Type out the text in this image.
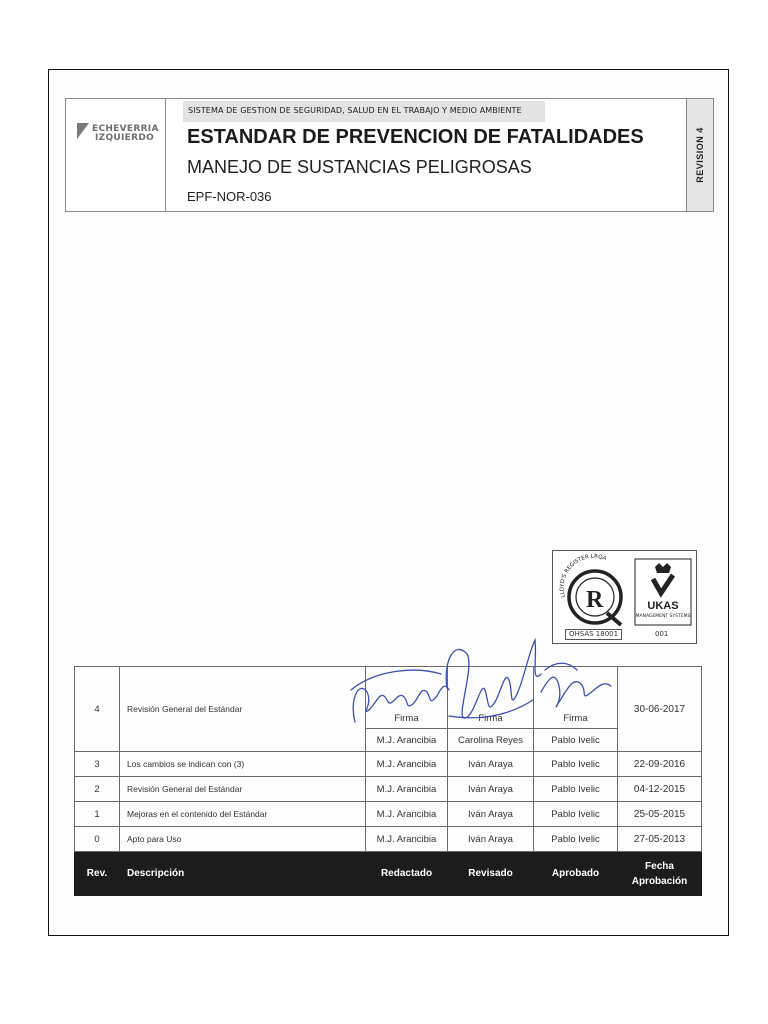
ECHEVERRIA
IZQUIERDO
SISTEMA DE GESTION DE SEGURIDAD, SALUD EN EL TRABAJO Y MEDIO AMBIENTE
ESTANDAR DE PREVENCION DE FATALIDADES
MANEJO DE SUSTANCIAS PELIGROSAS
EPF-NOR-036
REVISION 4
R
LLOYD'S REGISTER LRQA
UKAS
MANAGEMENT SYSTEMS
OHSAS 18001	001
4	Revisión General del Estándar	Firma	Firma	Firma	30-06-2017
		M.J. Arancibia	Carolina Reyes	Pablo Ivelic	
3	Los cambios se indican con (3)	M.J. Arancibia	Iván Araya	Pablo Ivelic	22-09-2016
2	Revisión General del Estándar	M.J. Arancibia	Iván Araya	Pablo Ivelic	04-12-2015
1	Mejoras en el contenido del Estándar	M.J. Arancibia	Iván Araya	Pablo Ivelic	25-05-2015
0	Apto para Uso	M.J. Arancibia	Iván Araya	Pablo Ivelic	27-05-2013
Rev.	Descripción	Redactado	Revisado	Aprobado	Fecha Aprobación
